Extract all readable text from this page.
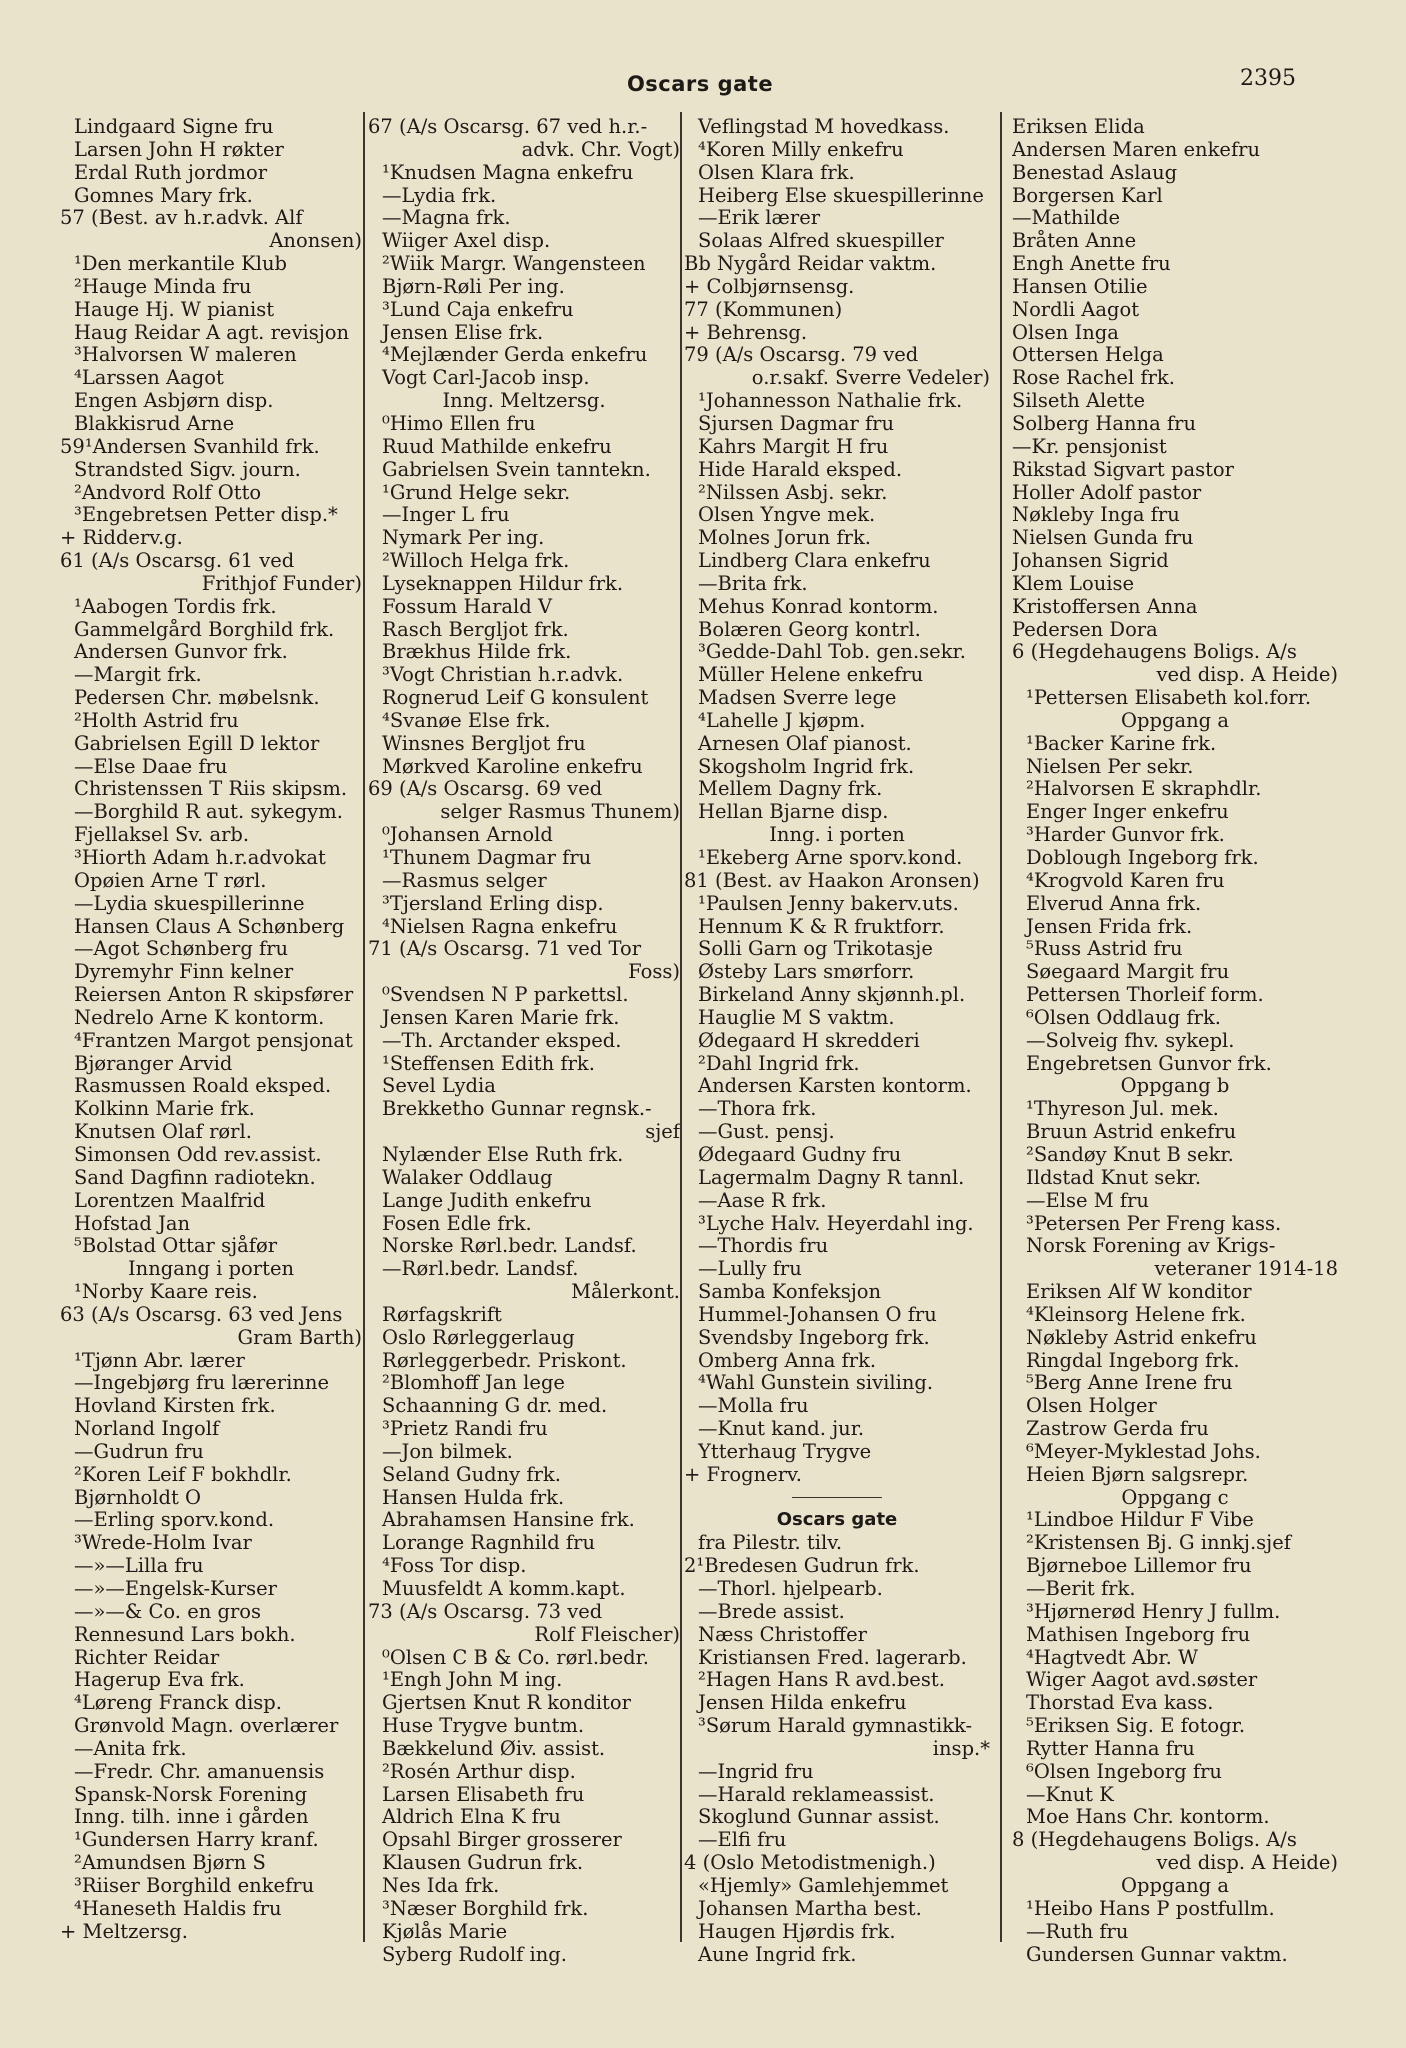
Oscars gate	2395
Lindgaard Signe fru
Larsen John H røkter
Erdal Ruth jordmor
Gomnes Mary frk.
57 (Best. av h.r.advk. Alf
Anonsen)
¹Den merkantile Klub
²Hauge Minda fru
Hauge Hj. W pianist
Haug Reidar A agt. revisjon
³Halvorsen W maleren
⁴Larssen Aagot
Engen Asbjørn disp.
Blakkisrud Arne
59¹Andersen Svanhild frk.
Strandsted Sigv. journ.
²Andvord Rolf Otto
³Engebretsen Petter disp.*
+ Ridderv.g.
61 (A/s Oscarsg. 61 ved
Frithjof Funder)
¹Aabogen Tordis frk.
Gammelgård Borghild frk.
Andersen Gunvor frk.
—Margit frk.
Pedersen Chr. møbelsnk.
²Holth Astrid fru
Gabrielsen Egill D lektor
—Else Daae fru
Christenssen T Riis skipsm.
—Borghild R aut. sykegym.
Fjellaksel Sv. arb.
³Hiorth Adam h.r.advokat
Opøien Arne T rørl.
—Lydia skuespillerinne
Hansen Claus A Schønberg
—Agot Schønberg fru
Dyremyhr Finn kelner
Reiersen Anton R skipsfører
Nedrelo Arne K kontorm.
⁴Frantzen Margot pensjonat
Bjøranger Arvid
Rasmussen Roald eksped.
Kolkinn Marie frk.
Knutsen Olaf rørl.
Simonsen Odd rev.assist.
Sand Dagfinn radiotekn.
Lorentzen Maalfrid
Hofstad Jan
⁵Bolstad Ottar sjåfør
Inngang i porten
¹Norby Kaare reis.
63 (A/s Oscarsg. 63 ved Jens
Gram Barth)
¹Tjønn Abr. lærer
—Ingebjørg fru lærerinne
Hovland Kirsten frk.
Norland Ingolf
—Gudrun fru
²Koren Leif F bokhdlr.
Bjørnholdt O
—Erling sporv.kond.
³Wrede-Holm Ivar
—»—Lilla fru
—»—Engelsk-Kurser
—»—& Co. en gros
Rennesund Lars bokh.
Richter Reidar
Hagerup Eva frk.
⁴Løreng Franck disp.
Grønvold Magn. overlærer
—Anita frk.
—Fredr. Chr. amanuensis
Spansk-Norsk Forening
Inng. tilh. inne i gården
¹Gundersen Harry kranf.
²Amundsen Bjørn S
³Riiser Borghild enkefru
⁴Haneseth Haldis fru
+ Meltzersg.
67 (A/s Oscarsg. 67 ved h.r.-
advk. Chr. Vogt)
¹Knudsen Magna enkefru
—Lydia frk.
—Magna frk.
Wiiger Axel disp.
²Wiik Margr. Wangensteen
Bjørn-Røli Per ing.
³Lund Caja enkefru
Jensen Elise frk.
⁴Mejlænder Gerda enkefru
Vogt Carl-Jacob insp.
Inng. Meltzersg.
⁰Himo Ellen fru
Ruud Mathilde enkefru
Gabrielsen Svein tanntekn.
¹Grund Helge sekr.
—Inger L fru
Nymark Per ing.
²Willoch Helga frk.
Lyseknappen Hildur frk.
Fossum Harald V
Rasch Bergljot frk.
Brækhus Hilde frk.
³Vogt Christian h.r.advk.
Rognerud Leif G konsulent
⁴Svanøe Else frk.
Winsnes Bergljot fru
Mørkved Karoline enkefru
69 (A/s Oscarsg. 69 ved
selger Rasmus Thunem)
⁰Johansen Arnold
¹Thunem Dagmar fru
—Rasmus selger
³Tjersland Erling disp.
⁴Nielsen Ragna enkefru
71 (A/s Oscarsg. 71 ved Tor
Foss)
⁰Svendsen N P parkettsl.
Jensen Karen Marie frk.
—Th. Arctander eksped.
¹Steffensen Edith frk.
Sevel Lydia
Brekketho Gunnar regnsk.-
sjef
Nylænder Else Ruth frk.
Walaker Oddlaug
Lange Judith enkefru
Fosen Edle frk.
Norske Rørl.bedr. Landsf.
—Rørl.bedr. Landsf.
Målerkont.
Rørfagskrift
Oslo Rørleggerlaug
Rørleggerbedr. Priskont.
²Blomhoff Jan lege
Schaanning G dr. med.
³Prietz Randi fru
—Jon bilmek.
Seland Gudny frk.
Hansen Hulda frk.
Abrahamsen Hansine frk.
Lorange Ragnhild fru
⁴Foss Tor disp.
Muusfeldt A komm.kapt.
73 (A/s Oscarsg. 73 ved
Rolf Fleischer)
⁰Olsen C B & Co. rørl.bedr.
¹Engh John M ing.
Gjertsen Knut R konditor
Huse Trygve buntm.
Bækkelund Øiv. assist.
²Rosén Arthur disp.
Larsen Elisabeth fru
Aldrich Elna K fru
Opsahl Birger grosserer
Klausen Gudrun frk.
Nes Ida frk.
³Næser Borghild frk.
Kjølås Marie
Syberg Rudolf ing.
Veflingstad M hovedkass.
⁴Koren Milly enkefru
Olsen Klara frk.
Heiberg Else skuespillerinne
—Erik lærer
Solaas Alfred skuespiller
Bb Nygård Reidar vaktm.
+ Colbjørnsensg.
77 (Kommunen)
+ Behrensg.
79 (A/s Oscarsg. 79 ved
o.r.sakf. Sverre Vedeler)
¹Johannesson Nathalie frk.
Sjursen Dagmar fru
Kahrs Margit H fru
Hide Harald eksped.
²Nilssen Asbj. sekr.
Olsen Yngve mek.
Molnes Jorun frk.
Lindberg Clara enkefru
—Brita frk.
Mehus Konrad kontorm.
Bolæren Georg kontrl.
³Gedde-Dahl Tob. gen.sekr.
Müller Helene enkefru
Madsen Sverre lege
⁴Lahelle J kjøpm.
Arnesen Olaf pianost.
Skogsholm Ingrid frk.
Mellem Dagny frk.
Hellan Bjarne disp.
Inng. i porten
¹Ekeberg Arne sporv.kond.
81 (Best. av Haakon Aronsen)
¹Paulsen Jenny bakerv.uts.
Hennum K & R fruktforr.
Solli Garn og Trikotasje
Østeby Lars smørforr.
Birkeland Anny skjønnh.pl.
Hauglie M S vaktm.
Ødegaard H skredderi
²Dahl Ingrid frk.
Andersen Karsten kontorm.
—Thora frk.
—Gust. pensj.
Ødegaard Gudny fru
Lagermalm Dagny R tannl.
—Aase R frk.
³Lyche Halv. Heyerdahl ing.
—Thordis fru
—Lully fru
Samba Konfeksjon
Hummel-Johansen O fru
Svendsby Ingeborg frk.
Omberg Anna frk.
⁴Wahl Gunstein siviling.
—Molla fru
—Knut kand. jur.
Ytterhaug Trygve
+ Frognerv.
Oscars gate
fra Pilestr. tilv.
2¹Bredesen Gudrun frk.
—Thorl. hjelpearb.
—Brede assist.
Næss Christoffer
Kristiansen Fred. lagerarb.
²Hagen Hans R avd.best.
Jensen Hilda enkefru
³Sørum Harald gymnastikk-
insp.*
—Ingrid fru
—Harald reklameassist.
Skoglund Gunnar assist.
—Elfi fru
4 (Oslo Metodistmenigh.)
«Hjemly» Gamlehjemmet
Johansen Martha best.
Haugen Hjørdis frk.
Aune Ingrid frk.
Eriksen Elida
Andersen Maren enkefru
Benestad Aslaug
Borgersen Karl
—Mathilde
Bråten Anne
Engh Anette fru
Hansen Otilie
Nordli Aagot
Olsen Inga
Ottersen Helga
Rose Rachel frk.
Silseth Alette
Solberg Hanna fru
—Kr. pensjonist
Rikstad Sigvart pastor
Holler Adolf pastor
Nøkleby Inga fru
Nielsen Gunda fru
Johansen Sigrid
Klem Louise
Kristoffersen Anna
Pedersen Dora
6 (Hegdehaugens Boligs. A/s
ved disp. A Heide)
¹Pettersen Elisabeth kol.forr.
Oppgang a
¹Backer Karine frk.
Nielsen Per sekr.
²Halvorsen E skraphdlr.
Enger Inger enkefru
³Harder Gunvor frk.
Doblough Ingeborg frk.
⁴Krogvold Karen fru
Elverud Anna frk.
Jensen Frida frk.
⁵Russ Astrid fru
Søegaard Margit fru
Pettersen Thorleif form.
⁶Olsen Oddlaug frk.
—Solveig fhv. sykepl.
Engebretsen Gunvor frk.
Oppgang b
¹Thyreson Jul. mek.
Bruun Astrid enkefru
²Sandøy Knut B sekr.
Ildstad Knut sekr.
—Else M fru
³Petersen Per Freng kass.
Norsk Forening av Krigs-
veteraner 1914-18
Eriksen Alf W konditor
⁴Kleinsorg Helene frk.
Nøkleby Astrid enkefru
Ringdal Ingeborg frk.
⁵Berg Anne Irene fru
Olsen Holger
Zastrow Gerda fru
⁶Meyer-Myklestad Johs.
Heien Bjørn salgsrepr.
Oppgang c
¹Lindboe Hildur F Vibe
²Kristensen Bj. G innkj.sjef
Bjørneboe Lillemor fru
—Berit frk.
³Hjørnerød Henry J fullm.
Mathisen Ingeborg fru
⁴Hagtvedt Abr. W
Wiger Aagot avd.søster
Thorstad Eva kass.
⁵Eriksen Sig. E fotogr.
Rytter Hanna fru
⁶Olsen Ingeborg fru
—Knut K
Moe Hans Chr. kontorm.
8 (Hegdehaugens Boligs. A/s
ved disp. A Heide)
Oppgang a
¹Heibo Hans P postfullm.
—Ruth fru
Gundersen Gunnar vaktm.
